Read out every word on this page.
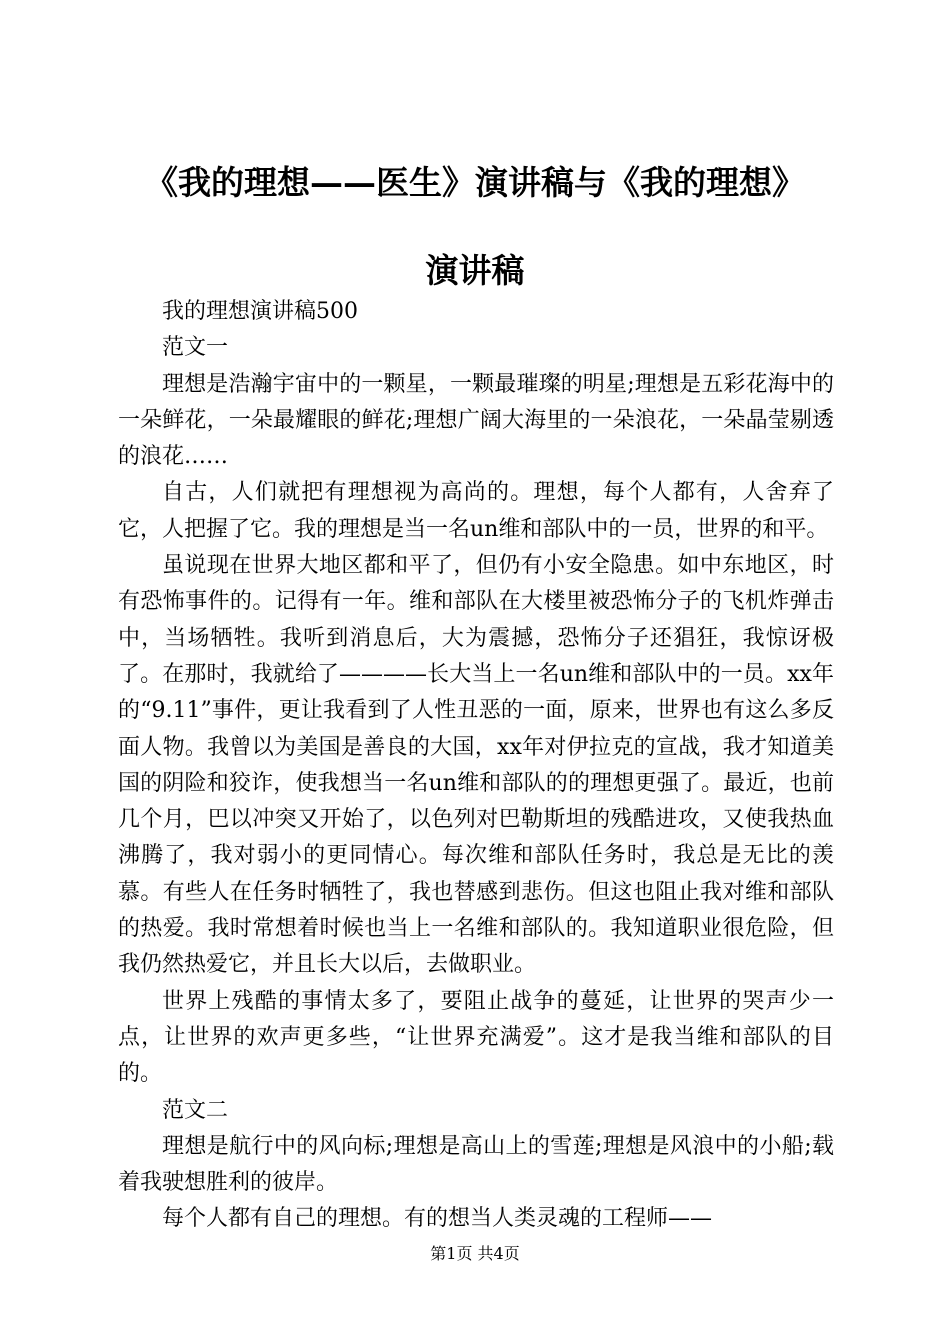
《我的理想——医生》演讲稿与《我的理想》
演讲稿

我的理想演讲稿500

范文一

理想是浩瀚宇宙中的一颗星，一颗最璀璨的明星;理想是五彩花海中的一朵鲜花，一朵最耀眼的鲜花;理想广阔大海里的一朵浪花，一朵晶莹剔透的浪花……

自古，人们就把有理想视为高尚的。理想，每个人都有，人舍弃了它，人把握了它。我的理想是当一名un维和部队中的一员，世界的和平。

虽说现在世界大地区都和平了，但仍有小安全隐患。如中东地区，时有恐怖事件的。记得有一年。维和部队在大楼里被恐怖分子的飞机炸弹击中，当场牺牲。我听到消息后，大为震撼，恐怖分子还猖狂，我惊讶极了。在那时，我就给了————长大当上一名un维和部队中的一员。xx年的“9.11”事件，更让我看到了人性丑恶的一面，原来，世界也有这么多反面人物。我曾以为美国是善良的大国，xx年对伊拉克的宣战，我才知道美国的阴险和狡诈，使我想当一名un维和部队的的理想更强了。最近，也前几个月，巴以冲突又开始了，以色列对巴勒斯坦的残酷进攻，又使我热血沸腾了，我对弱小的更同情心。每次维和部队任务时，我总是无比的羡慕。有些人在任务时牺牲了，我也替感到悲伤。但这也阻止我对维和部队的热爱。我时常想着时候也当上一名维和部队的。我知道职业很危险，但我仍然热爱它，并且长大以后，去做职业。

世界上残酷的事情太多了，要阻止战争的蔓延，让世界的哭声少一点，让世界的欢声更多些，“让世界充满爱”。这才是我当维和部队的目的。

范文二

理想是航行中的风向标;理想是高山上的雪莲;理想是风浪中的小船;载着我驶想胜利的彼岸。

每个人都有自己的理想。有的想当人类灵魂的工程师——

第1页 共4页
